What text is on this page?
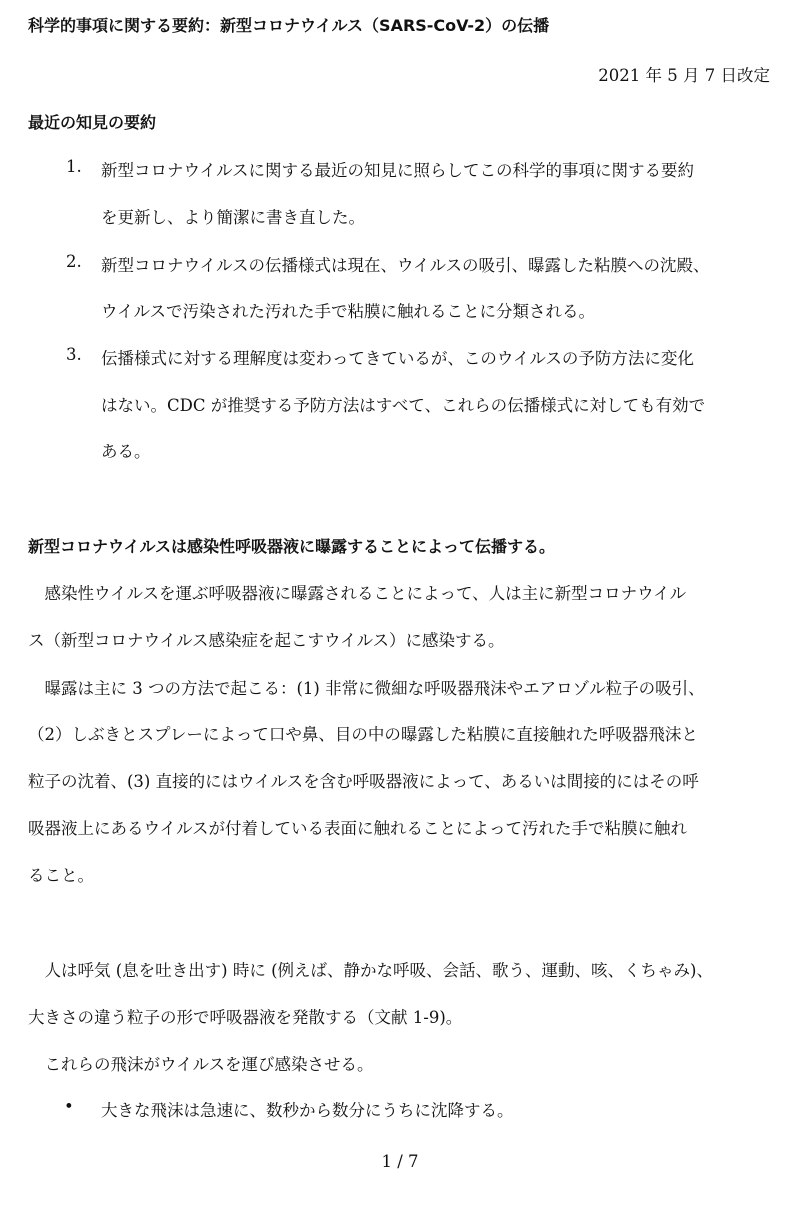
科学的事項に関する要約：新型コロナウイルス（SARS-CoV-2）の伝播
2021 年 5 月 7 日改定
最近の知見の要約
1. 新型コロナウイルスに関する最近の知見に照らしてこの科学的事項に関する要約
を更新し、より簡潔に書き直した。
2. 新型コロナウイルスの伝播様式は現在、ウイルスの吸引、曝露した粘膜への沈殿、
ウイルスで汚染された汚れた手で粘膜に触れることに分類される。
3. 伝播様式に対する理解度は変わってきているが、このウイルスの予防方法に変化
はない。CDC が推奨する予防方法はすべて、これらの伝播様式に対しても有効で
ある。
新型コロナウイルスは感染性呼吸器液に曝露することによって伝播する。
　感染性ウイルスを運ぶ呼吸器液に曝露されることによって、人は主に新型コロナウイル
ス（新型コロナウイルス感染症を起こすウイルス）に感染する。
　曝露は主に 3 つの方法で起こる：(1) 非常に微細な呼吸器飛沫やエアロゾル粒子の吸引、
（2）しぶきとスプレーによって口や鼻、目の中の曝露した粘膜に直接触れた呼吸器飛沫と
粒子の沈着、(3) 直接的にはウイルスを含む呼吸器液によって、あるいは間接的にはその呼
吸器液上にあるウイルスが付着している表面に触れることによって汚れた手で粘膜に触れ
ること。
　人は呼気 (息を吐き出す) 時に (例えば、静かな呼吸、会話、歌う、運動、咳、くちゃみ)、
大きさの違う粒子の形で呼吸器液を発散する（文献 1‐9)。
　これらの飛沫がウイルスを運び感染させる。
• 大きな飛沫は急速に、数秒から数分にうちに沈降する。
1 / 7
